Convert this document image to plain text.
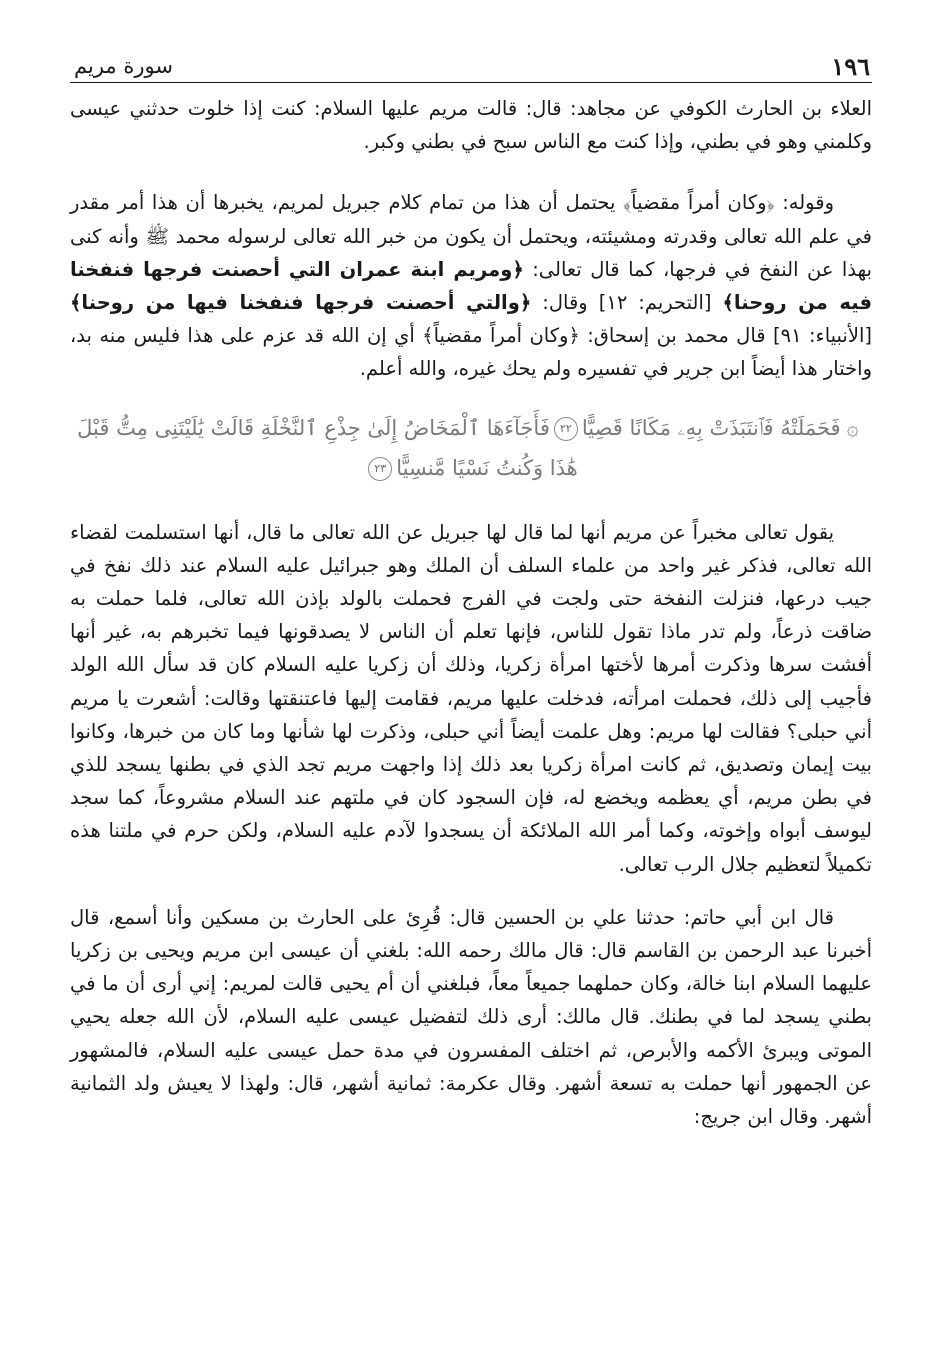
١٩٦
سورة مريم

العلاء بن الحارث الكوفي عن مجاهد: قال: قالت مريم عليها السلام: كنت إذا خلوت حدثني عيسى وكلمني وهو في بطني، وإذا كنت مع الناس سبح في بطني وكبر.

وقوله: ﴿وكان أمراً مقضياً﴾ يحتمل أن هذا من تمام كلام جبريل لمريم، يخبرها أن هذا أمر مقدر في علم الله تعالى وقدرته ومشيئته، ويحتمل أن يكون من خبر الله تعالى لرسوله محمد ﷺ وأنه كنى بهذا عن النفخ في فرجها، كما قال تعالى: ﴿ومريم ابنة عمران التي أحصنت فرجها فنفخنا فيه من روحنا﴾ [التحريم: ١٢] وقال: ﴿والتي أحصنت فرجها فنفخنا فيها من روحنا﴾ [الأنبياء: ٩١] قال محمد بن إسحاق: ﴿وكان أمراً مقضياً﴾ أي إن الله قد عزم على هذا فليس منه بد، واختار هذا أيضاً ابن جرير في تفسيره ولم يحك غيره، والله أعلم.

۞فَحَمَلَتْهُ فَٱنتَبَذَتْ بِهِۦ مَكَانًا قَصِيًّا٢٢فَأَجَآءَهَا ٱلْمَخَاضُ إِلَىٰ جِذْعِ ٱلنَّخْلَةِ قَالَتْ يَٰلَيْتَنِى مِتُّ قَبْلَ
هَٰذَا وَكُنتُ نَسْيًا مَّنسِيًّا٢٣

يقول تعالى مخبراً عن مريم أنها لما قال لها جبريل عن الله تعالى ما قال، أنها استسلمت لقضاء الله تعالى، فذكر غير واحد من علماء السلف أن الملك وهو جبرائيل عليه السلام عند ذلك نفخ في جيب درعها، فنزلت النفخة حتى ولجت في الفرج فحملت بالولد بإذن الله تعالى، فلما حملت به ضاقت ذرعاً، ولم تدر ماذا تقول للناس، فإنها تعلم أن الناس لا يصدقونها فيما تخبرهم به، غير أنها أفشت سرها وذكرت أمرها لأختها امرأة زكريا، وذلك أن زكريا عليه السلام كان قد سأل الله الولد فأجيب إلى ذلك، فحملت امرأته، فدخلت عليها مريم، فقامت إليها فاعتنقتها وقالت: أشعرت يا مريم أني حبلى؟ فقالت لها مريم: وهل علمت أيضاً أني حبلى، وذكرت لها شأنها وما كان من خبرها، وكانوا بيت إيمان وتصديق، ثم كانت امرأة زكريا بعد ذلك إذا واجهت مريم تجد الذي في بطنها يسجد للذي في بطن مريم، أي يعظمه ويخضع له، فإن السجود كان في ملتهم عند السلام مشروعاً، كما سجد ليوسف أبواه وإخوته، وكما أمر الله الملائكة أن يسجدوا لآدم عليه السلام، ولكن حرم في ملتنا هذه تكميلاً لتعظيم جلال الرب تعالى.

قال ابن أبي حاتم: حدثنا علي بن الحسين قال: قُرِئ على الحارث بن مسكين وأنا أسمع، قال أخبرنا عبد الرحمن بن القاسم قال: قال مالك رحمه الله: بلغني أن عيسى ابن مريم ويحيى بن زكريا عليهما السلام ابنا خالة، وكان حملهما جميعاً معاً، فبلغني أن أم يحيى قالت لمريم: إني أرى أن ما في بطني يسجد لما في بطنك. قال مالك: أرى ذلك لتفضيل عيسى عليه السلام، لأن الله جعله يحيي الموتى ويبرئ الأكمه والأبرص، ثم اختلف المفسرون في مدة حمل عيسى عليه السلام، فالمشهور عن الجمهور أنها حملت به تسعة أشهر. وقال عكرمة: ثمانية أشهر، قال: ولهذا لا يعيش ولد الثمانية أشهر. وقال ابن جريج:
